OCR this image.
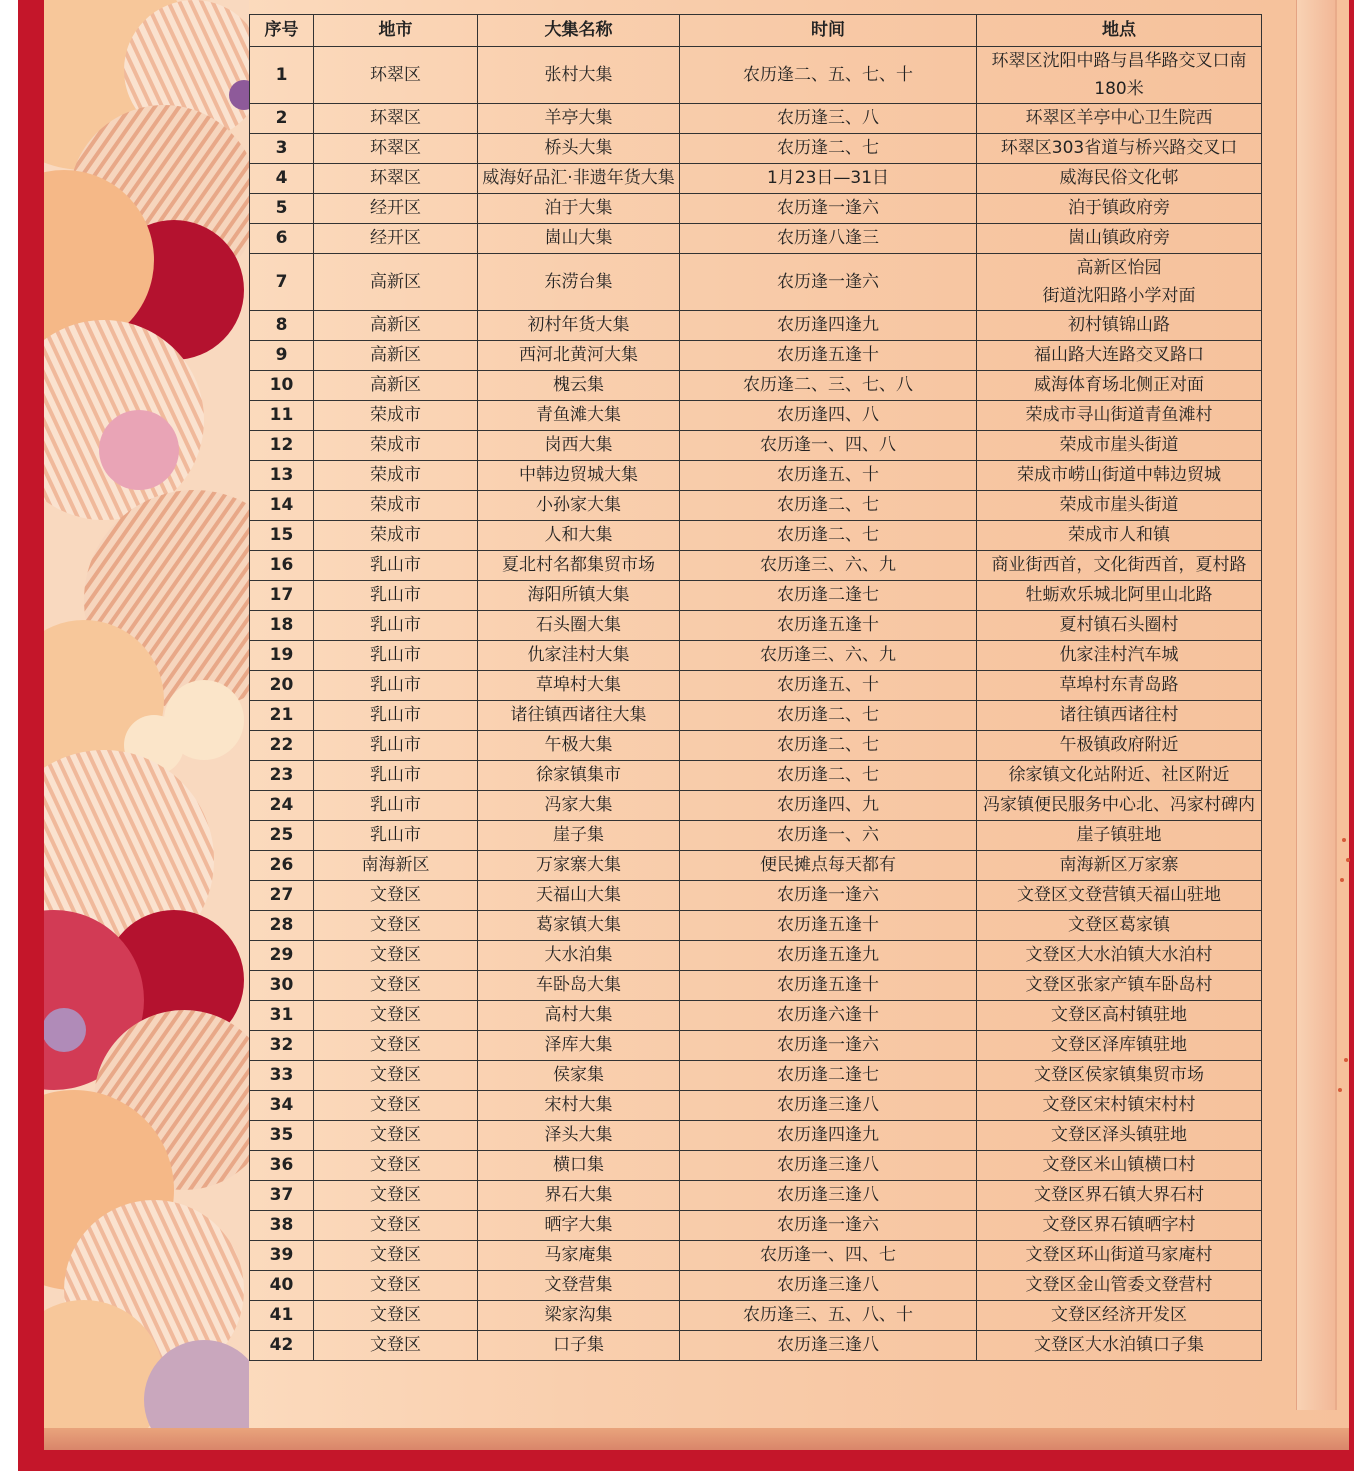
序号	地市	大集名称	时间	地点
1	环翠区	张村大集	农历逢二、五、七、十	环翠区沈阳中路与昌华路交叉口南
180米

2	环翠区	羊亭大集	农历逢三、八	环翠区羊亭中心卫生院西
3	环翠区	桥头大集	农历逢二、七	环翠区303省道与桥兴路交叉口
4	环翠区	威海好品汇·非遗年货大集	1月23日—31日	威海民俗文化邨
5	经开区	泊于大集	农历逢一逢六	泊于镇政府旁
6	经开区	崮山大集	农历逢八逢三	崮山镇政府旁
7	高新区	东涝台集	农历逢一逢六	高新区怡园
街道沈阳路小学对面

8	高新区	初村年货大集	农历逢四逢九	初村镇锦山路
9	高新区	西河北黄河大集	农历逢五逢十	福山路大连路交叉路口
10	高新区	槐云集	农历逢二、三、七、八	威海体育场北侧正对面
11	荣成市	青鱼滩大集	农历逢四、八	荣成市寻山街道青鱼滩村
12	荣成市	岗西大集	农历逢一、四、八	荣成市崖头街道
13	荣成市	中韩边贸城大集	农历逢五、十	荣成市崂山街道中韩边贸城
14	荣成市	小孙家大集	农历逢二、七	荣成市崖头街道
15	荣成市	人和大集	农历逢二、七	荣成市人和镇
16	乳山市	夏北村名都集贸市场	农历逢三、六、九	商业街西首，文化街西首，夏村路
17	乳山市	海阳所镇大集	农历逢二逢七	牡蛎欢乐城北阿里山北路
18	乳山市	石头圈大集	农历逢五逢十	夏村镇石头圈村
19	乳山市	仇家洼村大集	农历逢三、六、九	仇家洼村汽车城
20	乳山市	草埠村大集	农历逢五、十	草埠村东青岛路
21	乳山市	诸往镇西诸往大集	农历逢二、七	诸往镇西诸往村
22	乳山市	午极大集	农历逢二、七	午极镇政府附近
23	乳山市	徐家镇集市	农历逢二、七	徐家镇文化站附近、社区附近
24	乳山市	冯家大集	农历逢四、九	冯家镇便民服务中心北、冯家村碑内
25	乳山市	崖子集	农历逢一、六	崖子镇驻地
26	南海新区	万家寨大集	便民摊点每天都有	南海新区万家寨
27	文登区	天福山大集	农历逢一逢六	文登区文登营镇天福山驻地
28	文登区	葛家镇大集	农历逢五逢十	文登区葛家镇
29	文登区	大水泊集	农历逢五逢九	文登区大水泊镇大水泊村
30	文登区	车卧岛大集	农历逢五逢十	文登区张家产镇车卧岛村
31	文登区	高村大集	农历逢六逢十	文登区高村镇驻地
32	文登区	泽库大集	农历逢一逢六	文登区泽库镇驻地
33	文登区	侯家集	农历逢二逢七	文登区侯家镇集贸市场
34	文登区	宋村大集	农历逢三逢八	文登区宋村镇宋村村
35	文登区	泽头大集	农历逢四逢九	文登区泽头镇驻地
36	文登区	横口集	农历逢三逢八	文登区米山镇横口村
37	文登区	界石大集	农历逢三逢八	文登区界石镇大界石村
38	文登区	晒字大集	农历逢一逢六	文登区界石镇晒字村
39	文登区	马家庵集	农历逢一、四、七	文登区环山街道马家庵村
40	文登区	文登营集	农历逢三逢八	文登区金山管委文登营村
41	文登区	梁家沟集	农历逢三、五、八、十	文登区经济开发区
42	文登区	口子集	农历逢三逢八	文登区大水泊镇口子集
